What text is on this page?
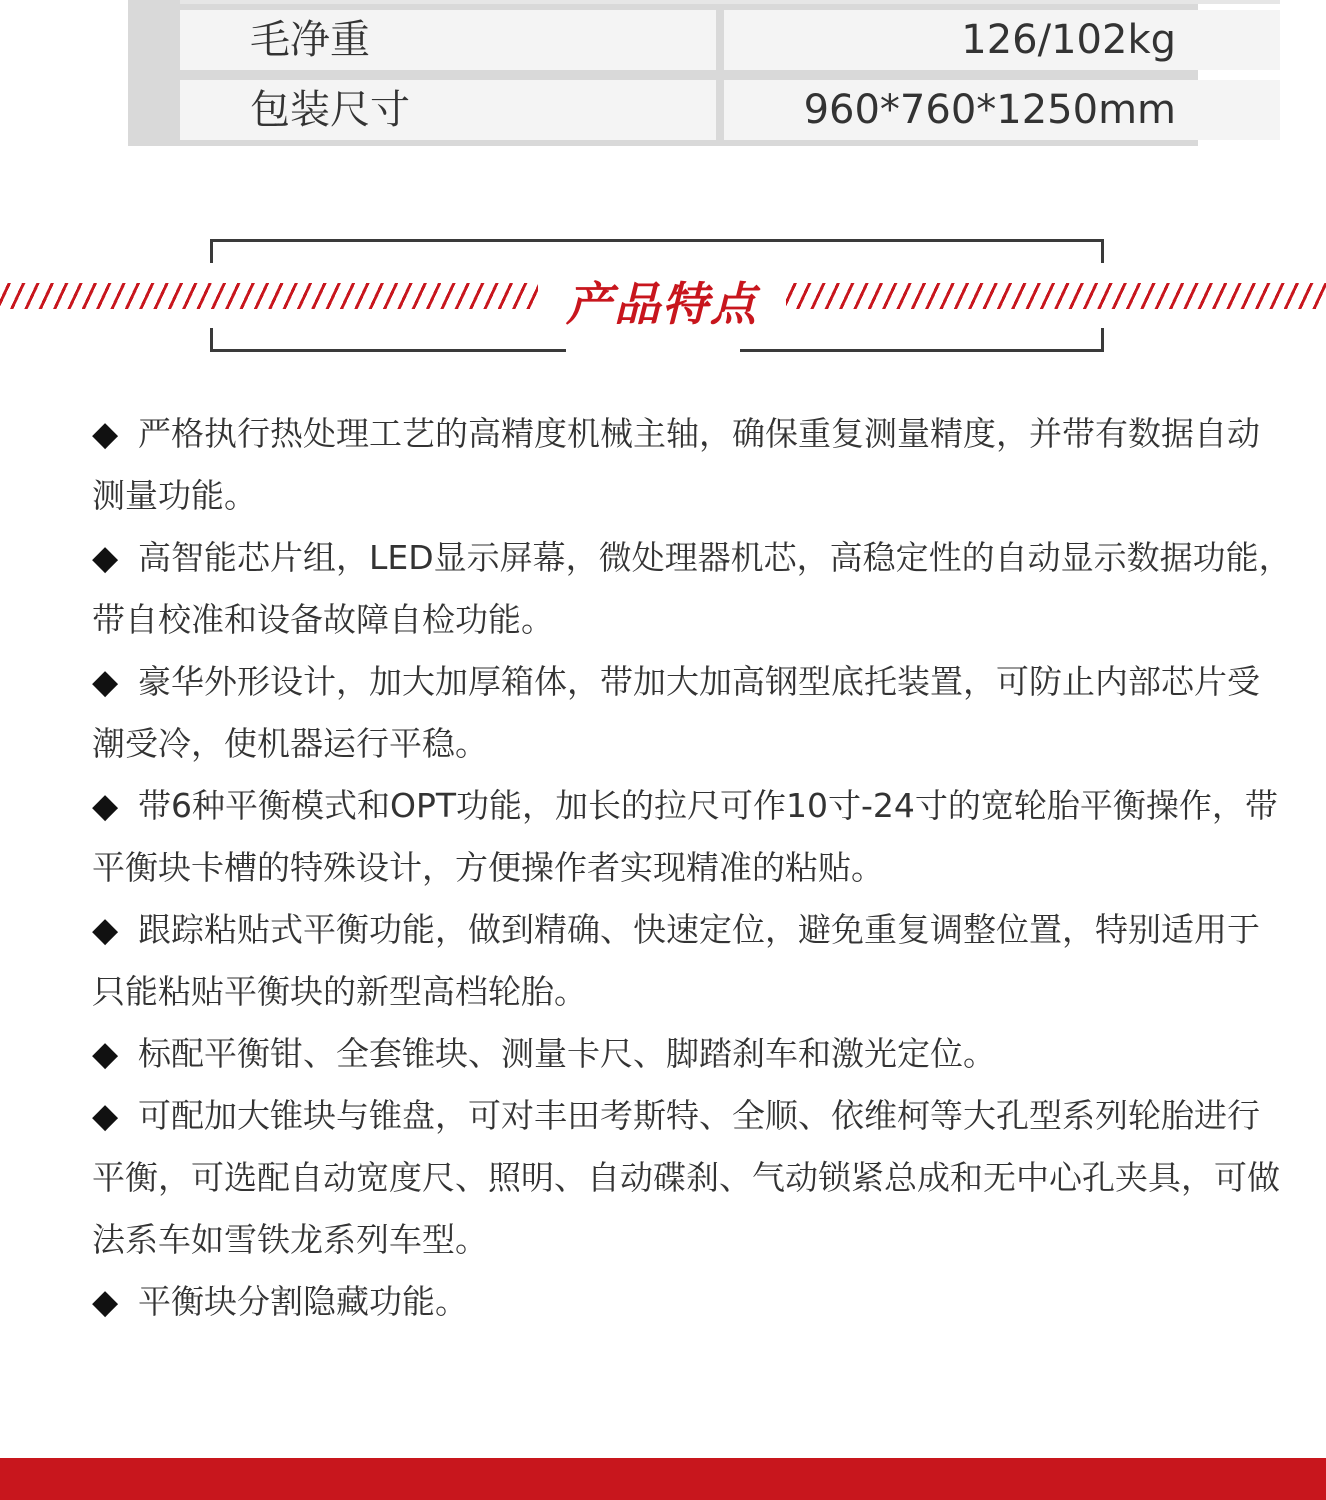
毛净重	126/102kg
包装尺寸	960*760*1250mm
产品特点
◆ 严格执行热处理工艺的高精度机械主轴，确保重复测量精度，并带有数据自动测量功能。
◆ 高智能芯片组，LED显示屏幕，微处理器机芯，高稳定性的自动显示数据功能，带自校准和设备故障自检功能。
◆ 豪华外形设计，加大加厚箱体，带加大加高钢型底托装置，可防止内部芯片受潮受冷，使机器运行平稳。
◆ 带6种平衡模式和OPT功能，加长的拉尺可作10寸-24寸的宽轮胎平衡操作，带平衡块卡槽的特殊设计，方便操作者实现精准的粘贴。
◆ 跟踪粘贴式平衡功能，做到精确、快速定位，避免重复调整位置，特别适用于只能粘贴平衡块的新型高档轮胎。
◆ 标配平衡钳、全套锥块、测量卡尺、脚踏刹车和激光定位。
◆ 可配加大锥块与锥盘，可对丰田考斯特、全顺、依维柯等大孔型系列轮胎进行平衡，可选配自动宽度尺、照明、自动碟刹、气动锁紧总成和无中心孔夹具，可做法系车如雪铁龙系列车型。
◆ 平衡块分割隐藏功能。
